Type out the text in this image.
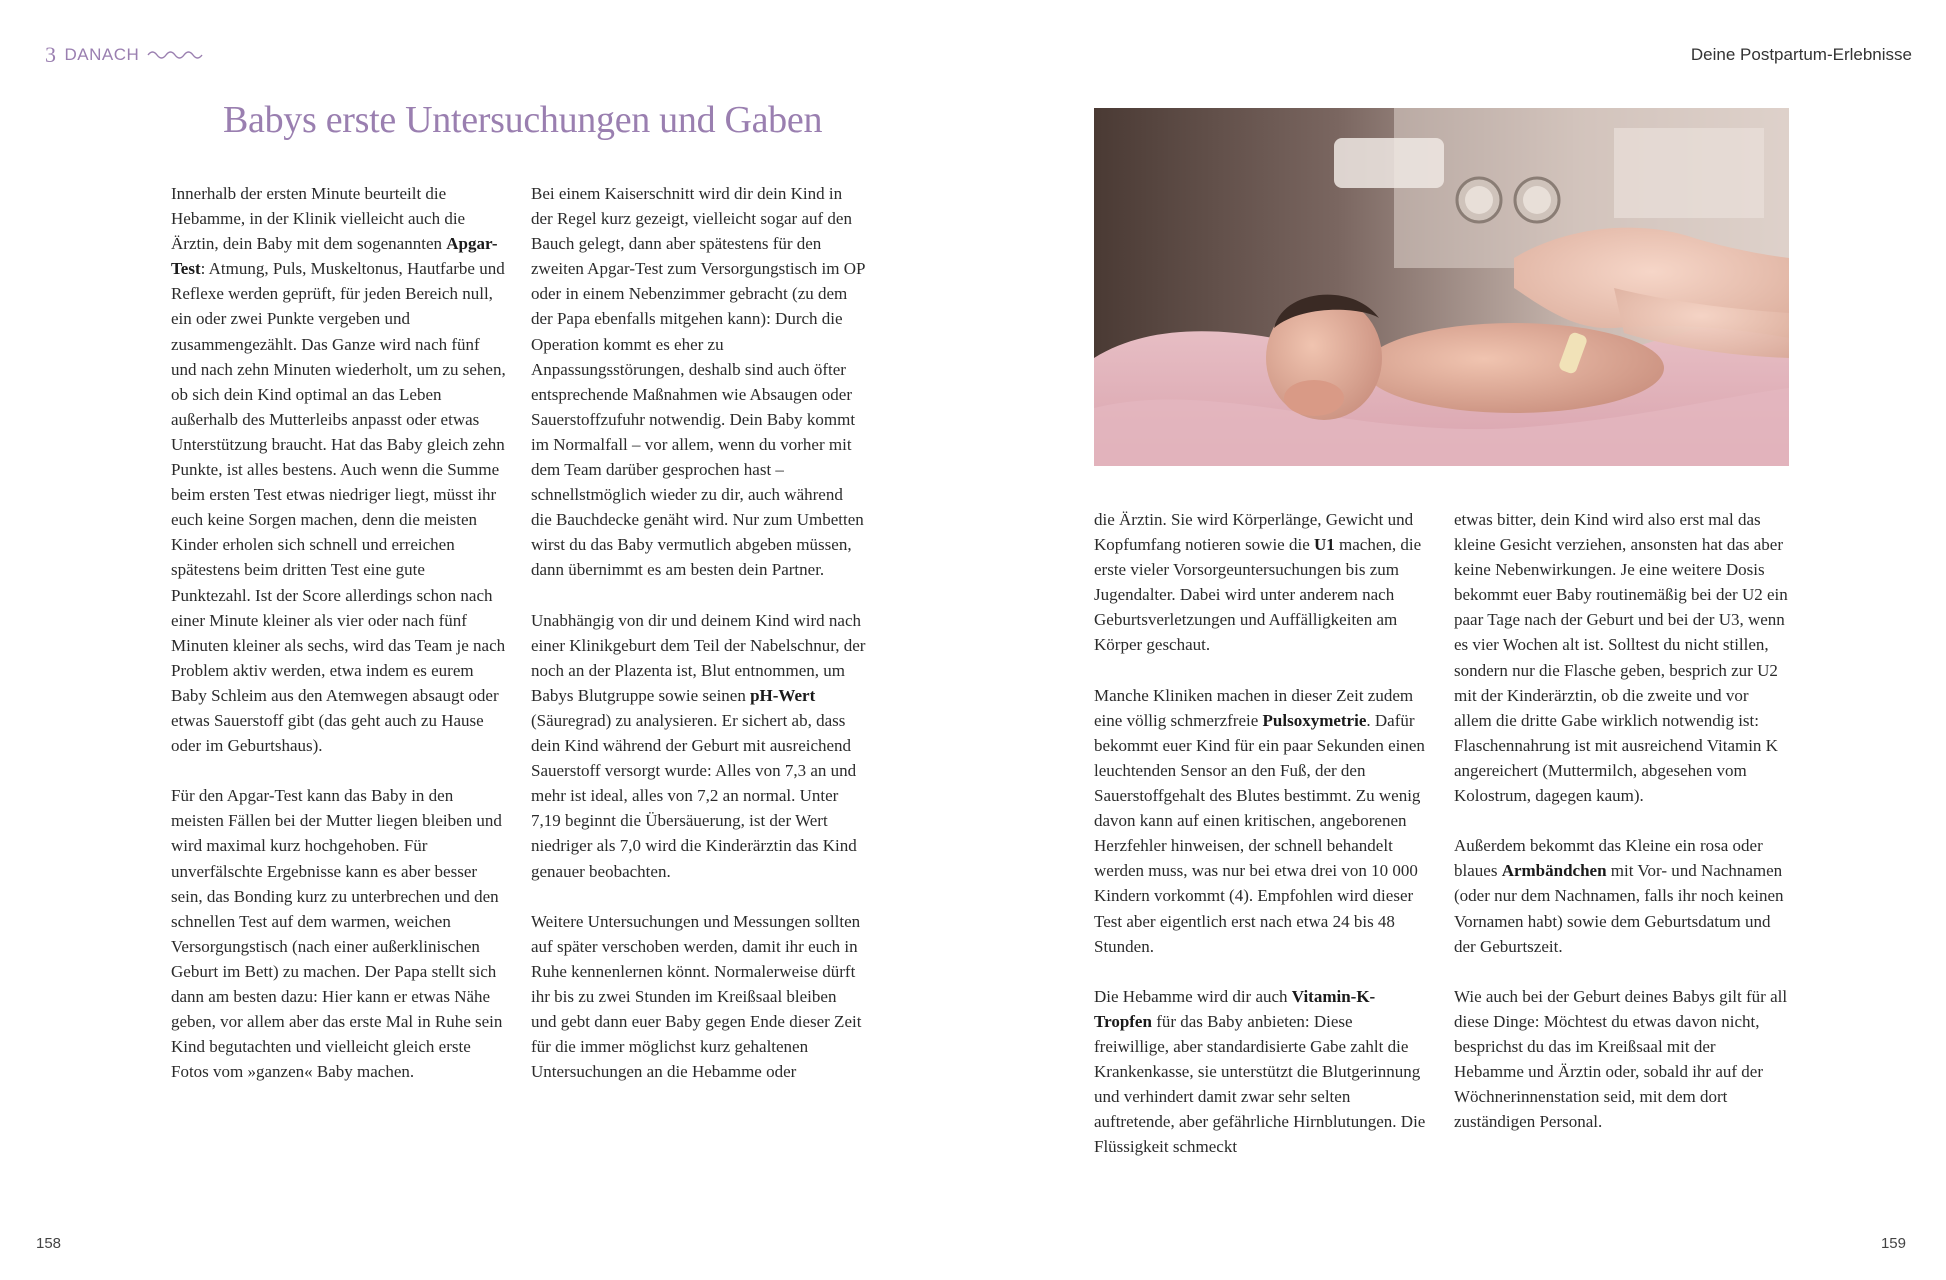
3 DANACH
Babys erste Untersuchungen und Gaben

Innerhalb der ersten Minute beurteilt die Hebamme, in der Klinik vielleicht auch die Ärztin, dein Baby mit dem sogenannten Apgar-Test: Atmung, Puls, Muskeltonus, Hautfarbe und Reflexe werden geprüft, für jeden Bereich null, ein oder zwei Punkte vergeben und zusammengezählt. Das Ganze wird nach fünf und nach zehn Minuten wiederholt, um zu sehen, ob sich dein Kind optimal an das Leben außerhalb des Mutterleibs anpasst oder etwas Unterstützung braucht. Hat das Baby gleich zehn Punkte, ist alles bestens. Auch wenn die Summe beim ersten Test etwas niedriger liegt, müsst ihr euch keine Sorgen machen, denn die meisten Kinder erholen sich schnell und erreichen spätestens beim dritten Test eine gute Punktezahl. Ist der Score allerdings schon nach einer Minute kleiner als vier oder nach fünf Minuten kleiner als sechs, wird das Team je nach Problem aktiv werden, etwa indem es eurem Baby Schleim aus den Atemwegen absaugt oder etwas Sauerstoff gibt (das geht auch zu Hause oder im Geburtshaus).

Für den Apgar-Test kann das Baby in den meisten Fällen bei der Mutter liegen bleiben und wird maximal kurz hochgehoben. Für unverfälschte Ergebnisse kann es aber besser sein, das Bonding kurz zu unterbrechen und den schnellen Test auf dem warmen, weichen Versorgungstisch (nach einer außerklinischen Geburt im Bett) zu machen. Der Papa stellt sich dann am besten dazu: Hier kann er etwas Nähe geben, vor allem aber das erste Mal in Ruhe sein Kind begutachten und vielleicht gleich erste Fotos vom »ganzen« Baby machen.

Bei einem Kaiserschnitt wird dir dein Kind in der Regel kurz gezeigt, vielleicht sogar auf den Bauch gelegt, dann aber spätestens für den zweiten Apgar-Test zum Versorgungstisch im OP oder in einem Nebenzimmer gebracht (zu dem der Papa ebenfalls mitgehen kann): Durch die Operation kommt es eher zu Anpassungsstörungen, deshalb sind auch öfter entsprechende Maßnahmen wie Absaugen oder Sauerstoffzufuhr notwendig. Dein Baby kommt im Normalfall – vor allem, wenn du vorher mit dem Team darüber gesprochen hast – schnellstmöglich wieder zu dir, auch während die Bauchdecke genäht wird. Nur zum Umbetten wirst du das Baby vermutlich abgeben müssen, dann übernimmt es am besten dein Partner.

Unabhängig von dir und deinem Kind wird nach einer Klinikgeburt dem Teil der Nabelschnur, der noch an der Plazenta ist, Blut entnommen, um Babys Blutgruppe sowie seinen pH-Wert (Säuregrad) zu analysieren. Er sichert ab, dass dein Kind während der Geburt mit ausreichend Sauerstoff versorgt wurde: Alles von 7,3 an und mehr ist ideal, alles von 7,2 an normal. Unter 7,19 beginnt die Übersäuerung, ist der Wert niedriger als 7,0 wird die Kinderärztin das Kind genauer beobachten.

Weitere Untersuchungen und Messungen sollten auf später verschoben werden, damit ihr euch in Ruhe kennenlernen könnt. Normalerweise dürft ihr bis zu zwei Stunden im Kreißsaal bleiben und gebt dann euer Baby gegen Ende dieser Zeit für die immer möglichst kurz gehaltenen Untersuchungen an die Hebamme oder

158
Deine Postpartum-Erlebnisse
159

die Ärztin. Sie wird Körperlänge, Gewicht und Kopfumfang notieren sowie die U1 machen, die erste vieler Vorsorgeuntersuchungen bis zum Jugendalter. Dabei wird unter anderem nach Geburtsverletzungen und Auffälligkeiten am Körper geschaut.

Manche Kliniken machen in dieser Zeit zudem eine völlig schmerzfreie Pulsoxymetrie. Dafür bekommt euer Kind für ein paar Sekunden einen leuchtenden Sensor an den Fuß, der den Sauerstoffgehalt des Blutes bestimmt. Zu wenig davon kann auf einen kritischen, angeborenen Herzfehler hinweisen, der schnell behandelt werden muss, was nur bei etwa drei von 10 000 Kindern vorkommt (4). Empfohlen wird dieser Test aber eigentlich erst nach etwa 24 bis 48 Stunden.

Die Hebamme wird dir auch Vitamin-K-Tropfen für das Baby anbieten: Diese freiwillige, aber standardisierte Gabe zahlt die Krankenkasse, sie unterstützt die Blutgerinnung und verhindert damit zwar sehr selten auftretende, aber gefährliche Hirnblutungen. Die Flüssigkeit schmeckt

etwas bitter, dein Kind wird also erst mal das kleine Gesicht verziehen, ansonsten hat das aber keine Nebenwirkungen. Je eine weitere Dosis bekommt euer Baby routinemäßig bei der U2 ein paar Tage nach der Geburt und bei der U3, wenn es vier Wochen alt ist. Solltest du nicht stillen, sondern nur die Flasche geben, besprich zur U2 mit der Kinderärztin, ob die zweite und vor allem die dritte Gabe wirklich notwendig ist: Flaschennahrung ist mit ausreichend Vitamin K angereichert (Muttermilch, abgesehen vom Kolostrum, dagegen kaum).

Außerdem bekommt das Kleine ein rosa oder blaues Armbändchen mit Vor- und Nachnamen (oder nur dem Nachnamen, falls ihr noch keinen Vornamen habt) sowie dem Geburtsdatum und der Geburtszeit.

Wie auch bei der Geburt deines Babys gilt für all diese Dinge: Möchtest du etwas davon nicht, besprichst du das im Kreißsaal mit der Hebamme und Ärztin oder, sobald ihr auf der Wöchnerinnenstation seid, mit dem dort zuständigen Personal.
